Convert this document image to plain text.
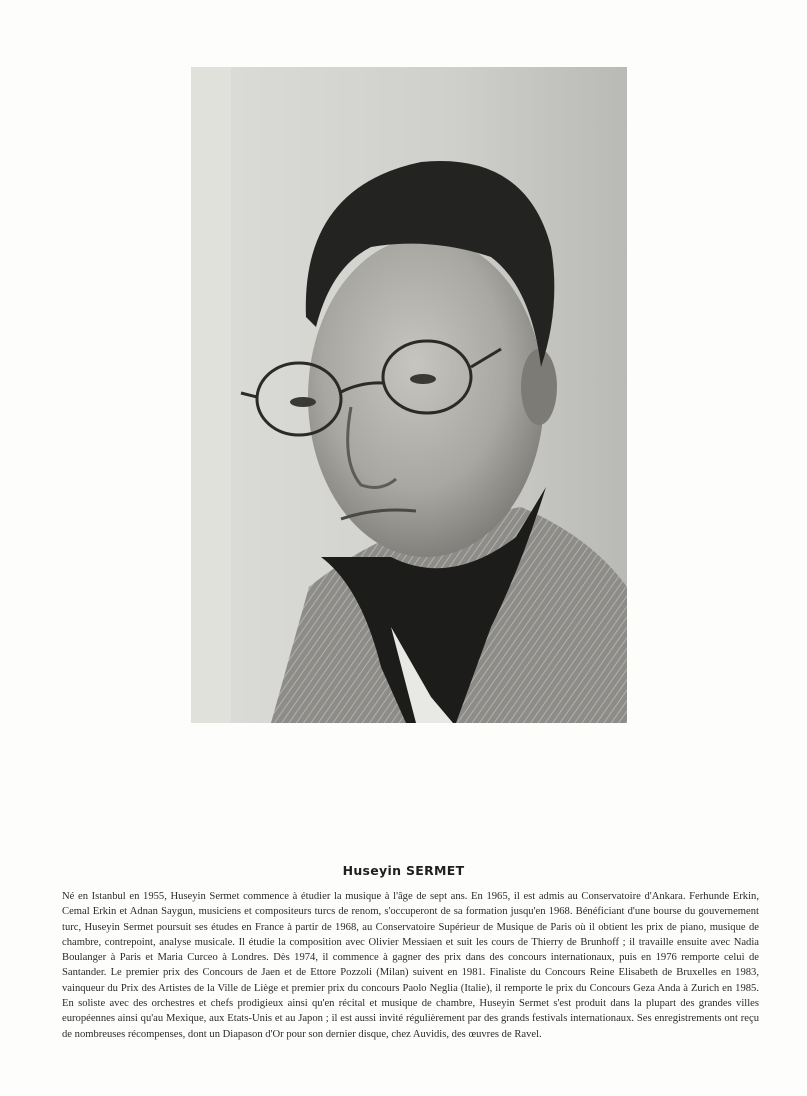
Huseyin SERMET

Né en Istanbul en 1955, Huseyin Sermet commence à étudier la musique à l'âge de sept ans. En 1965, il est admis au Conservatoire d'Ankara. Ferhunde Erkin, Cemal Erkin et Adnan Saygun, musiciens et compositeurs turcs de renom, s'occuperont de sa formation jusqu'en 1968. Bénéficiant d'une bourse du gouvernement turc, Huseyin Sermet poursuit ses études en France à partir de 1968, au Conservatoire Supérieur de Musique de Paris où il obtient les prix de piano, musique de chambre, contrepoint, analyse musicale. Il étudie la composition avec Olivier Messiaen et suit les cours de Thierry de Brunhoff ; il travaille ensuite avec Nadia Boulanger à Paris et Maria Curceo à Londres. Dès 1974, il commence à gagner des prix dans des concours internationaux, puis en 1976 remporte celui de Santander. Le premier prix des Concours de Jaen et de Ettore Pozzoli (Milan) suivent en 1981. Finaliste du Concours Reine Elisabeth de Bruxelles en 1983, vainqueur du Prix des Artistes de la Ville de Liège et premier prix du concours Paolo Neglia (Italie), il remporte le prix du Concours Geza Anda à Zurich en 1985. En soliste avec des orchestres et chefs prodigieux ainsi qu'en récital et musique de chambre, Huseyin Sermet s'est produit dans la plupart des grandes villes européennes ainsi qu'au Mexique, aux Etats-Unis et au Japon ; il est aussi invité régulièrement par des grands festivals internationaux. Ses enregistrements ont reçu de nombreuses récompenses, dont un Diapason d'Or pour son dernier disque, chez Auvidis, des œuvres de Ravel.
